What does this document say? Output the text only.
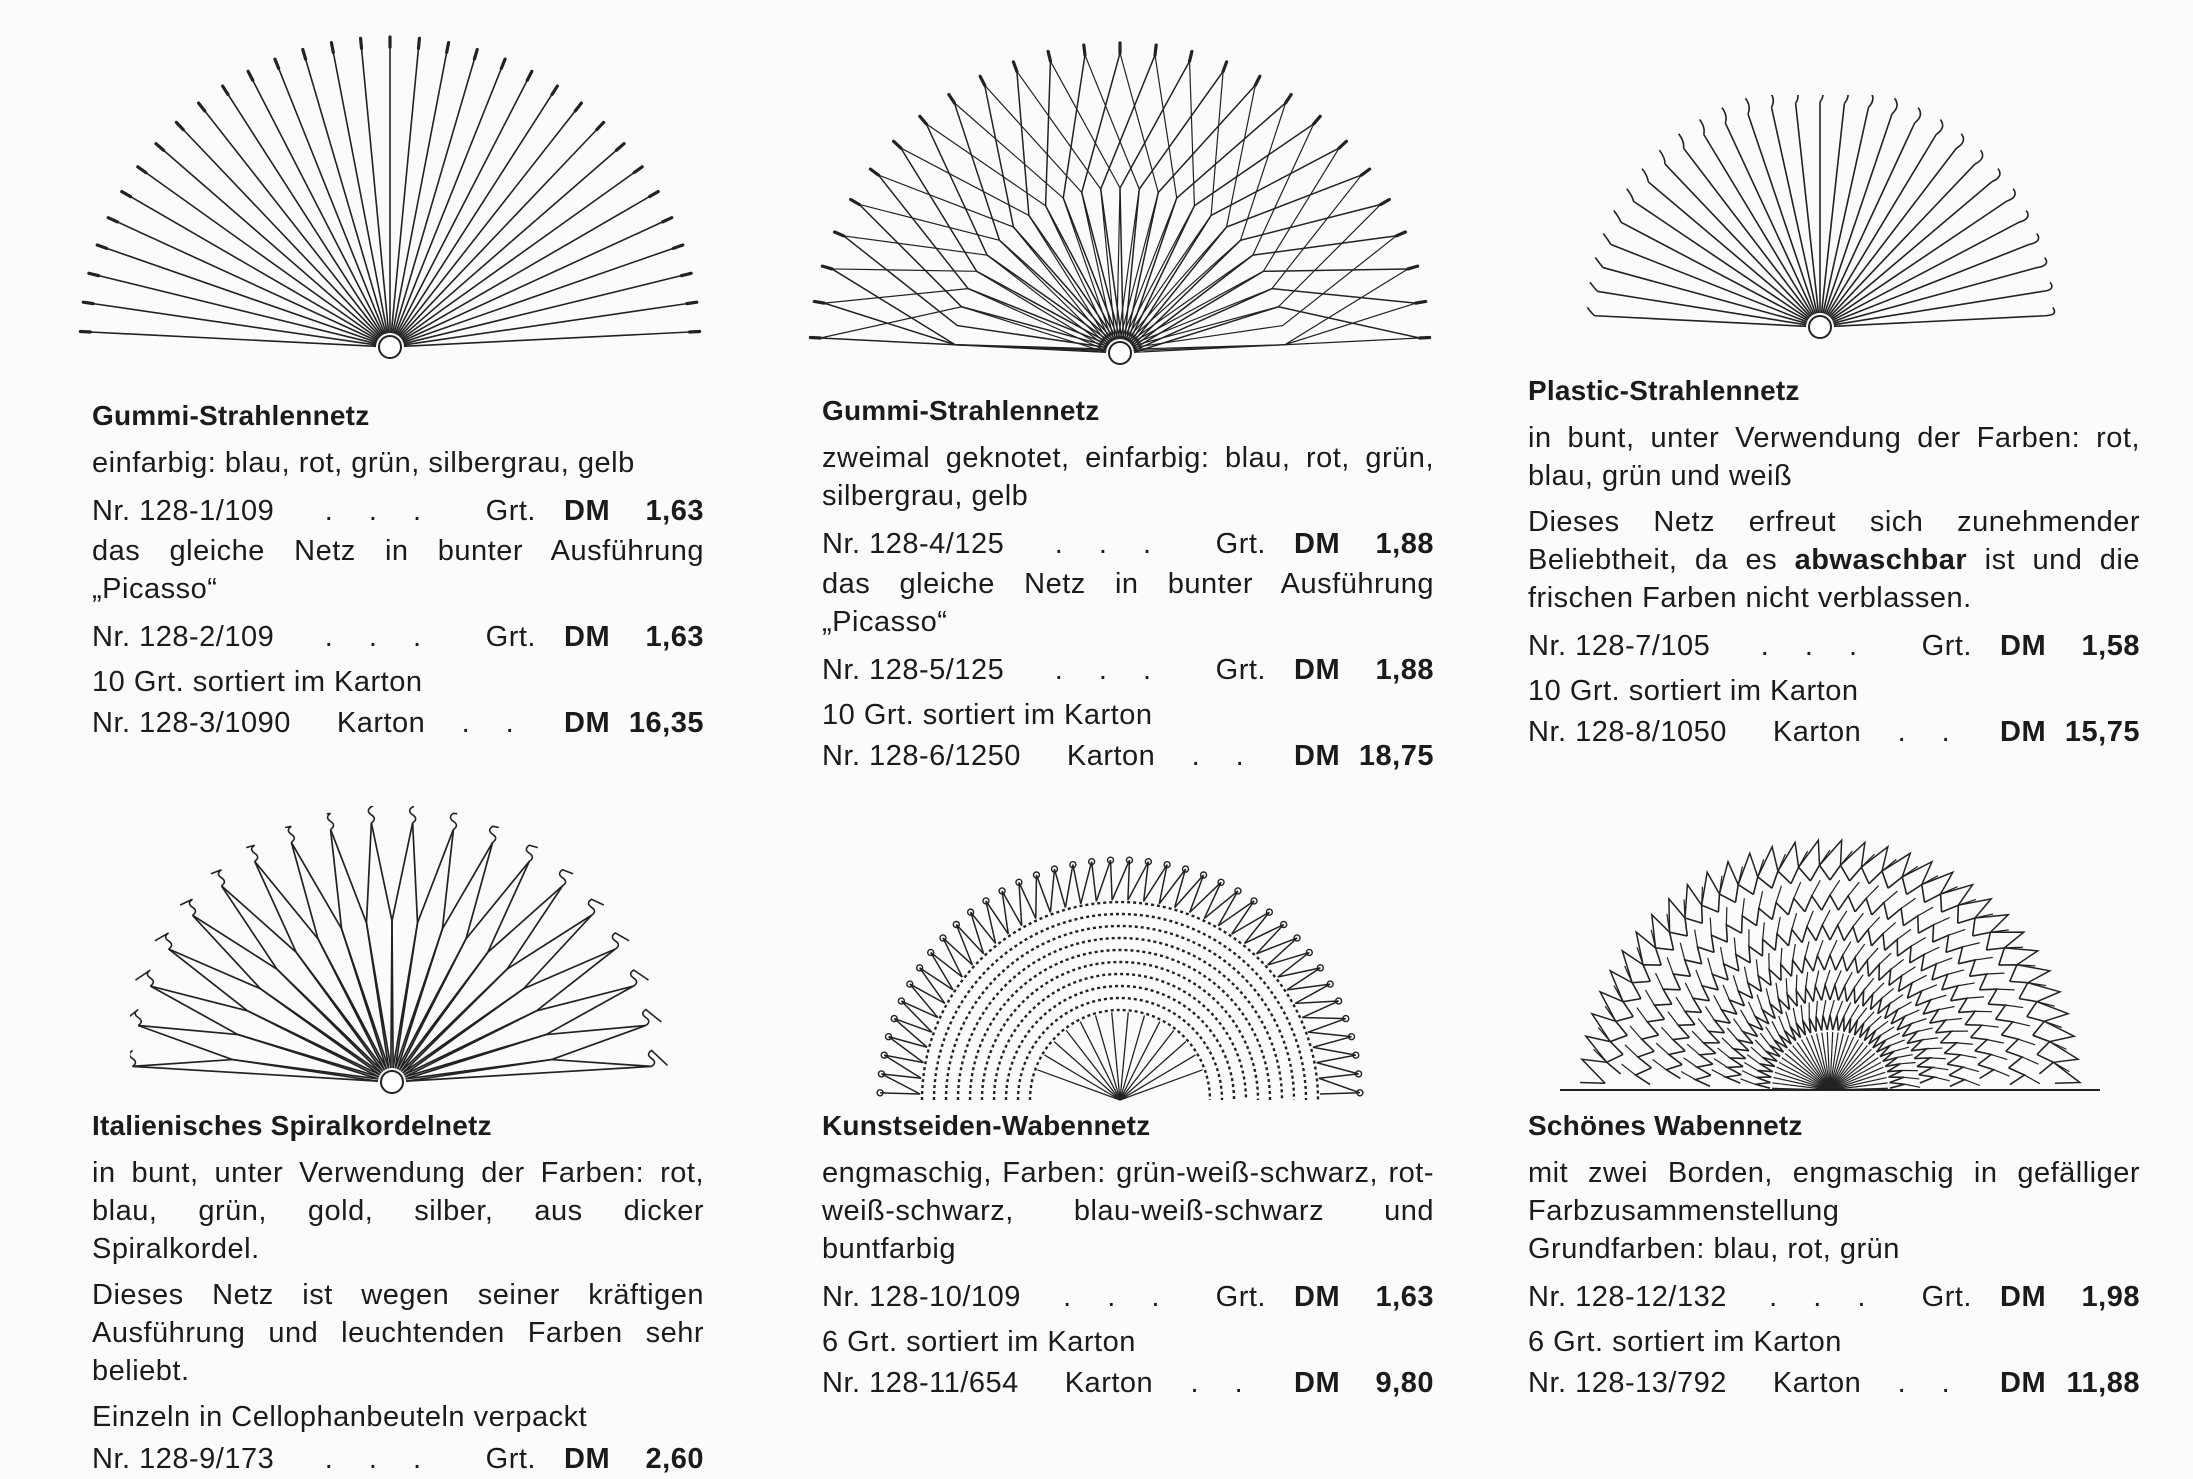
Gummi-Strahlennetz
einfarbig: blau, rot, grün, silbergrau, gelb
Nr. 128-1/109	. . .	Grt. DM	1,63
das gleiche Netz in bunter Ausführung „Picasso“
Nr. 128-2/109	. . .	Grt. DM	1,63
10 Grt. sortiert im Karton
Nr. 128-3/1090 Karton	. .	DM 16,35
Gummi-Strahlennetz
zweimal geknotet, einfarbig: blau, rot, grün, silbergrau, gelb
Nr. 128-4/125	. . .	Grt. DM	1,88
das gleiche Netz in bunter Ausführung „Picasso“
Nr. 128-5/125	. . .	Grt. DM	1,88
10 Grt. sortiert im Karton
Nr. 128-6/1250 Karton	. .	DM 18,75
Plastic-Strahlennetz
in bunt, unter Verwendung der Farben: rot, blau, grün und weiß
Dieses Netz erfreut sich zunehmender Beliebtheit, da es abwaschbar ist und die frischen Farben nicht verblassen.
Nr. 128-7/105	. . .	Grt. DM	1,58
10 Grt. sortiert im Karton
Nr. 128-8/1050 Karton	. .	DM 15,75
Italienisches Spiralkordelnetz
in bunt, unter Verwendung der Farben: rot, blau, grün, gold, silber, aus dicker Spiralkordel.
Dieses Netz ist wegen seiner kräftigen Ausführung und leuchtenden Farben sehr beliebt.
Einzeln in Cellophanbeuteln verpackt
Nr. 128-9/173	. . .	Grt. DM	2,60
Kunstseiden-Wabennetz
engmaschig, Farben: grün-weiß-schwarz, rot-weiß-schwarz, blau-weiß-schwarz und buntfarbig
Nr. 128-10/109	. . .	Grt. DM	1,63
6 Grt. sortiert im Karton
Nr. 128-11/654 Karton	. .	DM	9,80
Schönes Wabennetz
mit zwei Borden, engmaschig in gefälliger Farbzusammenstellung
Grundfarben: blau, rot, grün
Nr. 128-12/132	. . .	Grt. DM	1,98
6 Grt. sortiert im Karton
Nr. 128-13/792 Karton	. .	DM 11,88
